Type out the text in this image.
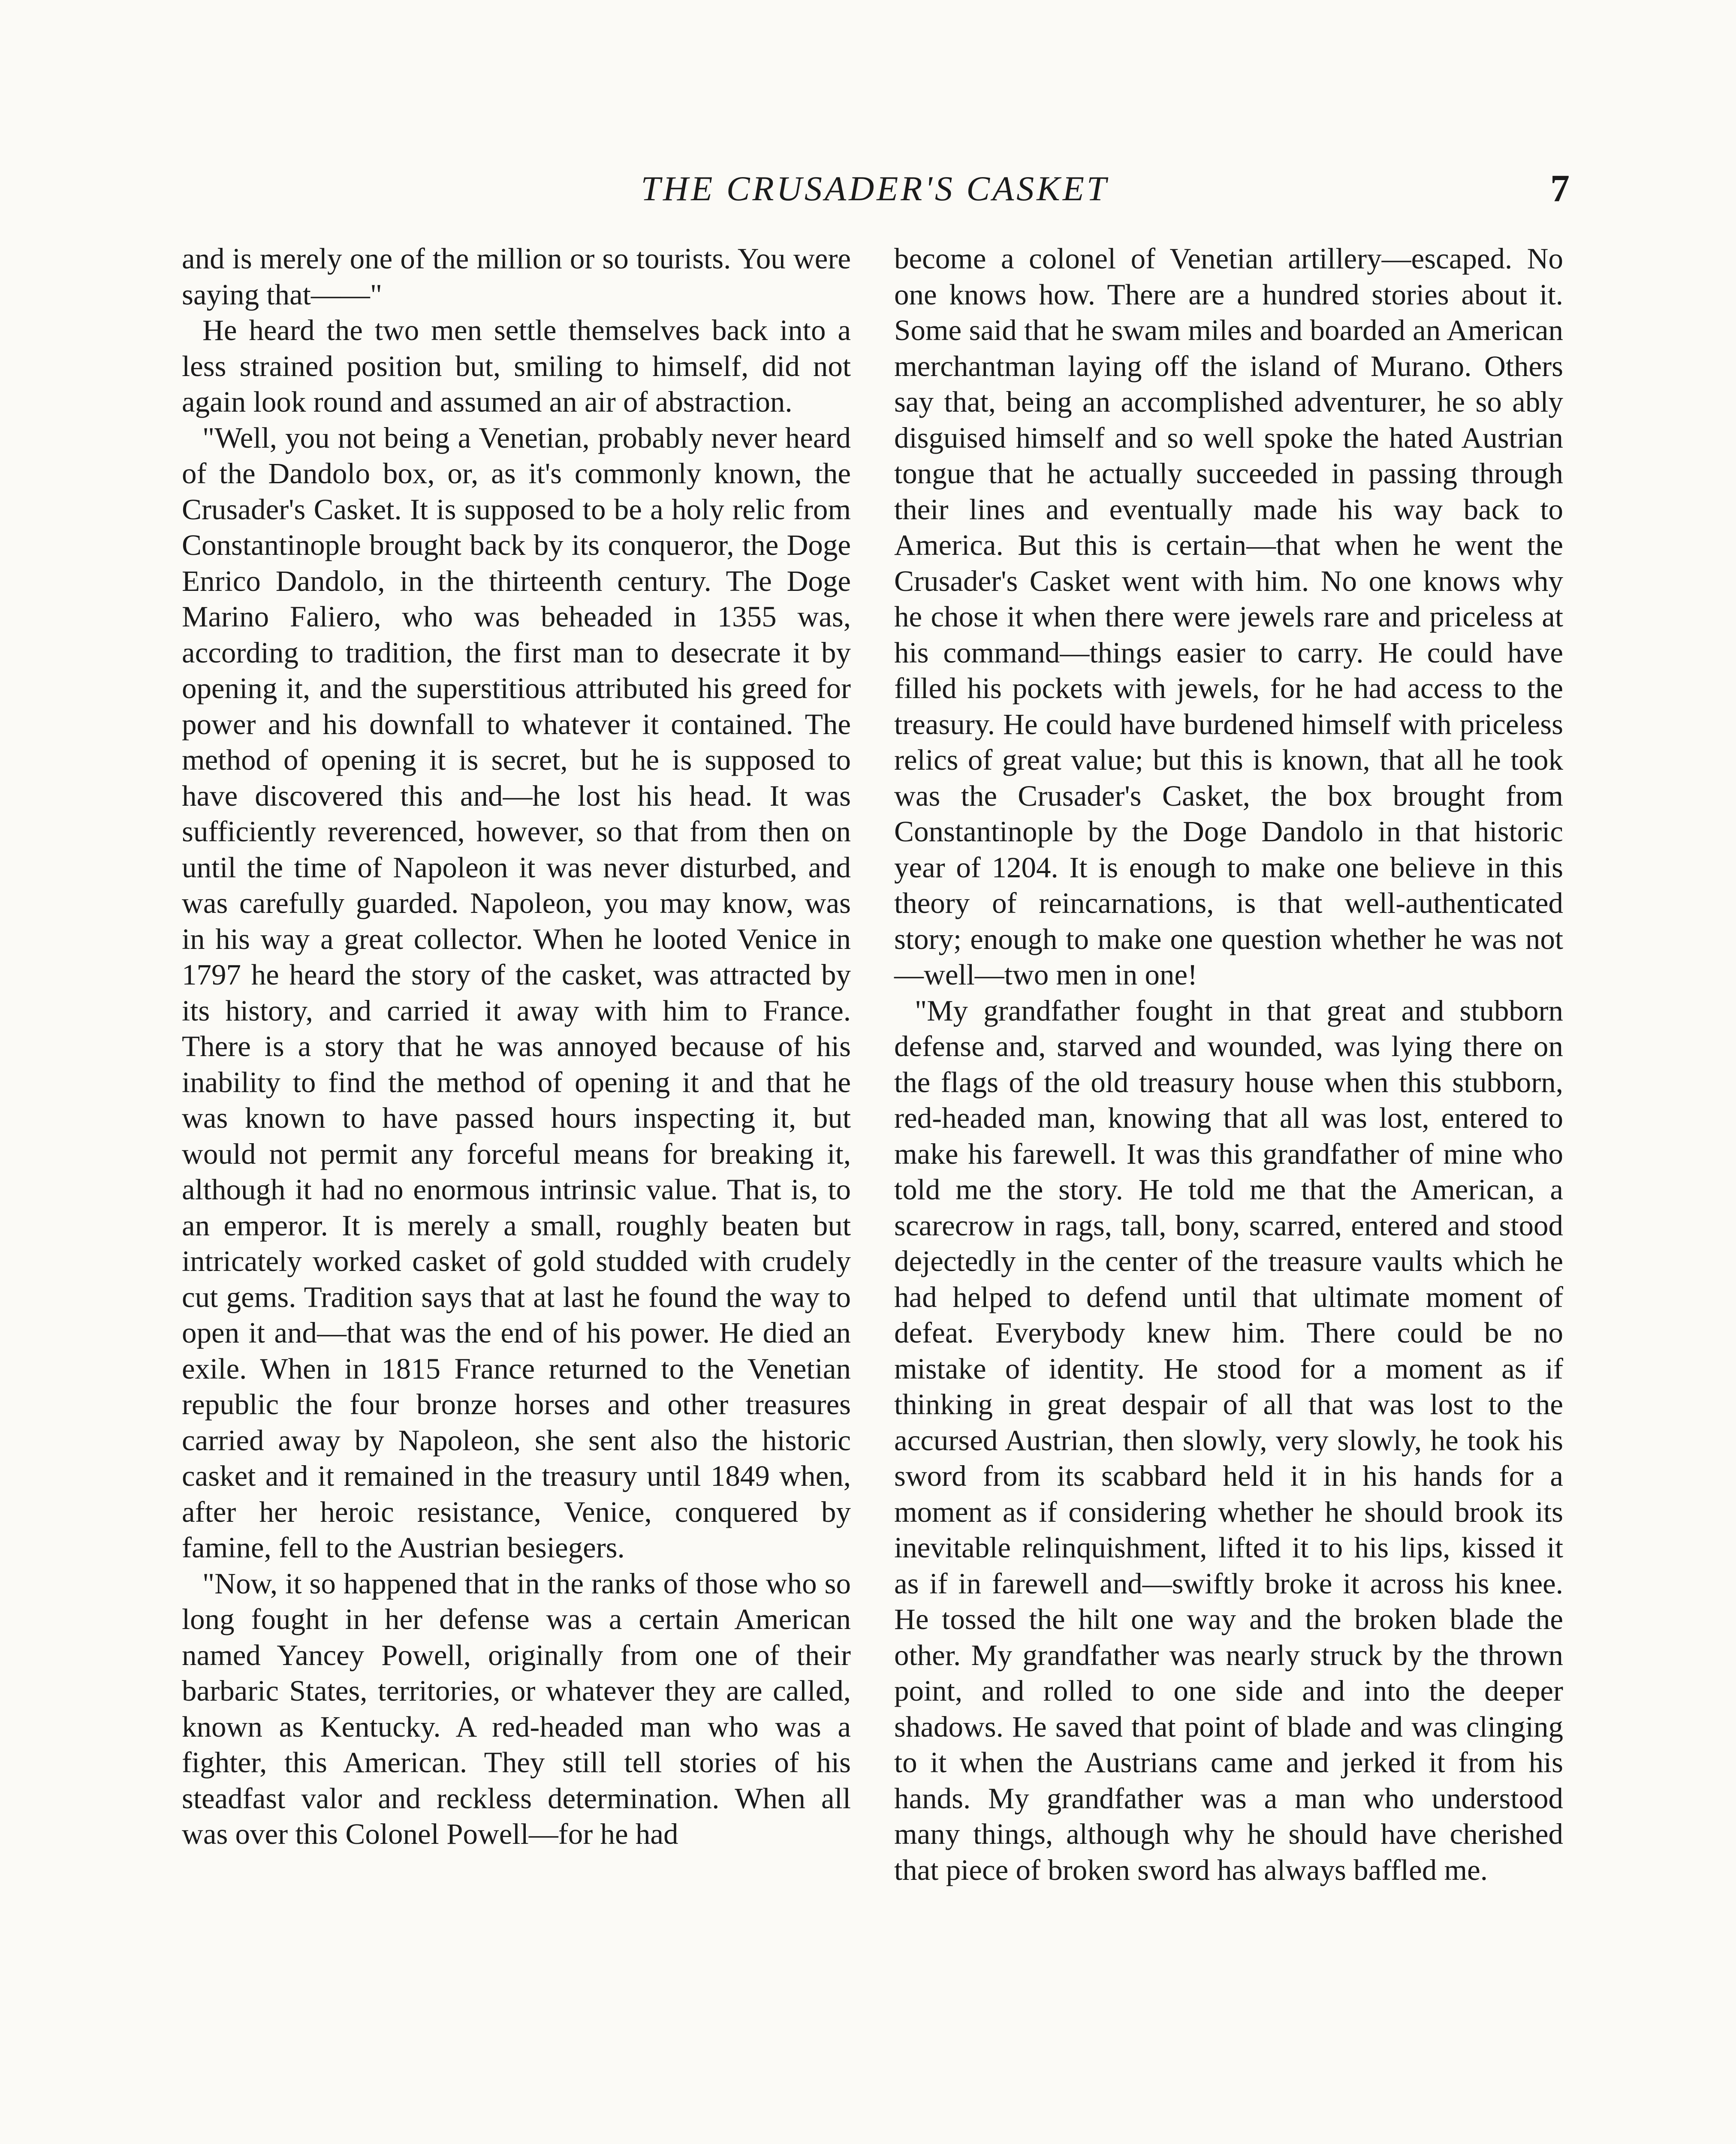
THE CRUSADER'S CASKET	7

and is merely one of the million or so tourists. You were saying that——"

He heard the two men settle themselves back into a less strained position but, smiling to himself, did not again look round and assumed an air of abstraction.

"Well, you not being a Venetian, probably never heard of the Dandolo box, or, as it's commonly known, the Crusader's Casket. It is supposed to be a holy relic from Constantinople brought back by its conqueror, the Doge Enrico Dandolo, in the thirteenth century. The Doge Marino Faliero, who was beheaded in 1355 was, according to tradition, the first man to desecrate it by opening it, and the superstitious attributed his greed for power and his downfall to whatever it contained. The method of opening it is secret, but he is supposed to have discovered this and—he lost his head. It was sufficiently reverenced, however, so that from then on until the time of Napoleon it was never disturbed, and was carefully guarded. Napoleon, you may know, was in his way a great collector. When he looted Venice in 1797 he heard the story of the casket, was attracted by its history, and carried it away with him to France. There is a story that he was annoyed because of his inability to find the method of opening it and that he was known to have passed hours inspecting it, but would not permit any forceful means for breaking it, although it had no enormous intrinsic value. That is, to an emperor. It is merely a small, roughly beaten but intricately worked casket of gold studded with crudely cut gems. Tradition says that at last he found the way to open it and—that was the end of his power. He died an exile. When in 1815 France returned to the Venetian republic the four bronze horses and other treasures carried away by Napoleon, she sent also the historic casket and it remained in the treasury until 1849 when, after her heroic resistance, Venice, conquered by famine, fell to the Austrian besiegers.

"Now, it so happened that in the ranks of those who so long fought in her defense was a certain American named Yancey Powell, originally from one of their barbaric States, territories, or whatever they are called, known as Kentucky. A red-headed man who was a fighter, this American. They still tell stories of his steadfast valor and reckless determination. When all was over this Colonel Powell—for he had

become a colonel of Venetian artillery—escaped. No one knows how. There are a hundred stories about it. Some said that he swam miles and boarded an American merchantman laying off the island of Murano. Others say that, being an accomplished adventurer, he so ably disguised himself and so well spoke the hated Austrian tongue that he actually succeeded in passing through their lines and eventually made his way back to America. But this is certain—that when he went the Crusader's Casket went with him. No one knows why he chose it when there were jewels rare and priceless at his command—things easier to carry. He could have filled his pockets with jewels, for he had access to the treasury. He could have burdened himself with priceless relics of great value; but this is known, that all he took was the Crusader's Casket, the box brought from Constantinople by the Doge Dandolo in that historic year of 1204. It is enough to make one believe in this theory of reincarnations, is that well-authenticated story; enough to make one question whether he was not—well—two men in one!

"My grandfather fought in that great and stubborn defense and, starved and wounded, was lying there on the flags of the old treasury house when this stubborn, red-headed man, knowing that all was lost, entered to make his farewell. It was this grandfather of mine who told me the story. He told me that the American, a scarecrow in rags, tall, bony, scarred, entered and stood dejectedly in the center of the treasure vaults which he had helped to defend until that ultimate moment of defeat. Everybody knew him. There could be no mistake of identity. He stood for a moment as if thinking in great despair of all that was lost to the accursed Austrian, then slowly, very slowly, he took his sword from its scabbard held it in his hands for a moment as if considering whether he should brook its inevitable relinquishment, lifted it to his lips, kissed it as if in farewell and—swiftly broke it across his knee. He tossed the hilt one way and the broken blade the other. My grandfather was nearly struck by the thrown point, and rolled to one side and into the deeper shadows. He saved that point of blade and was clinging to it when the Austrians came and jerked it from his hands. My grandfather was a man who understood many things, although why he should have cherished that piece of broken sword has always baffled me.
